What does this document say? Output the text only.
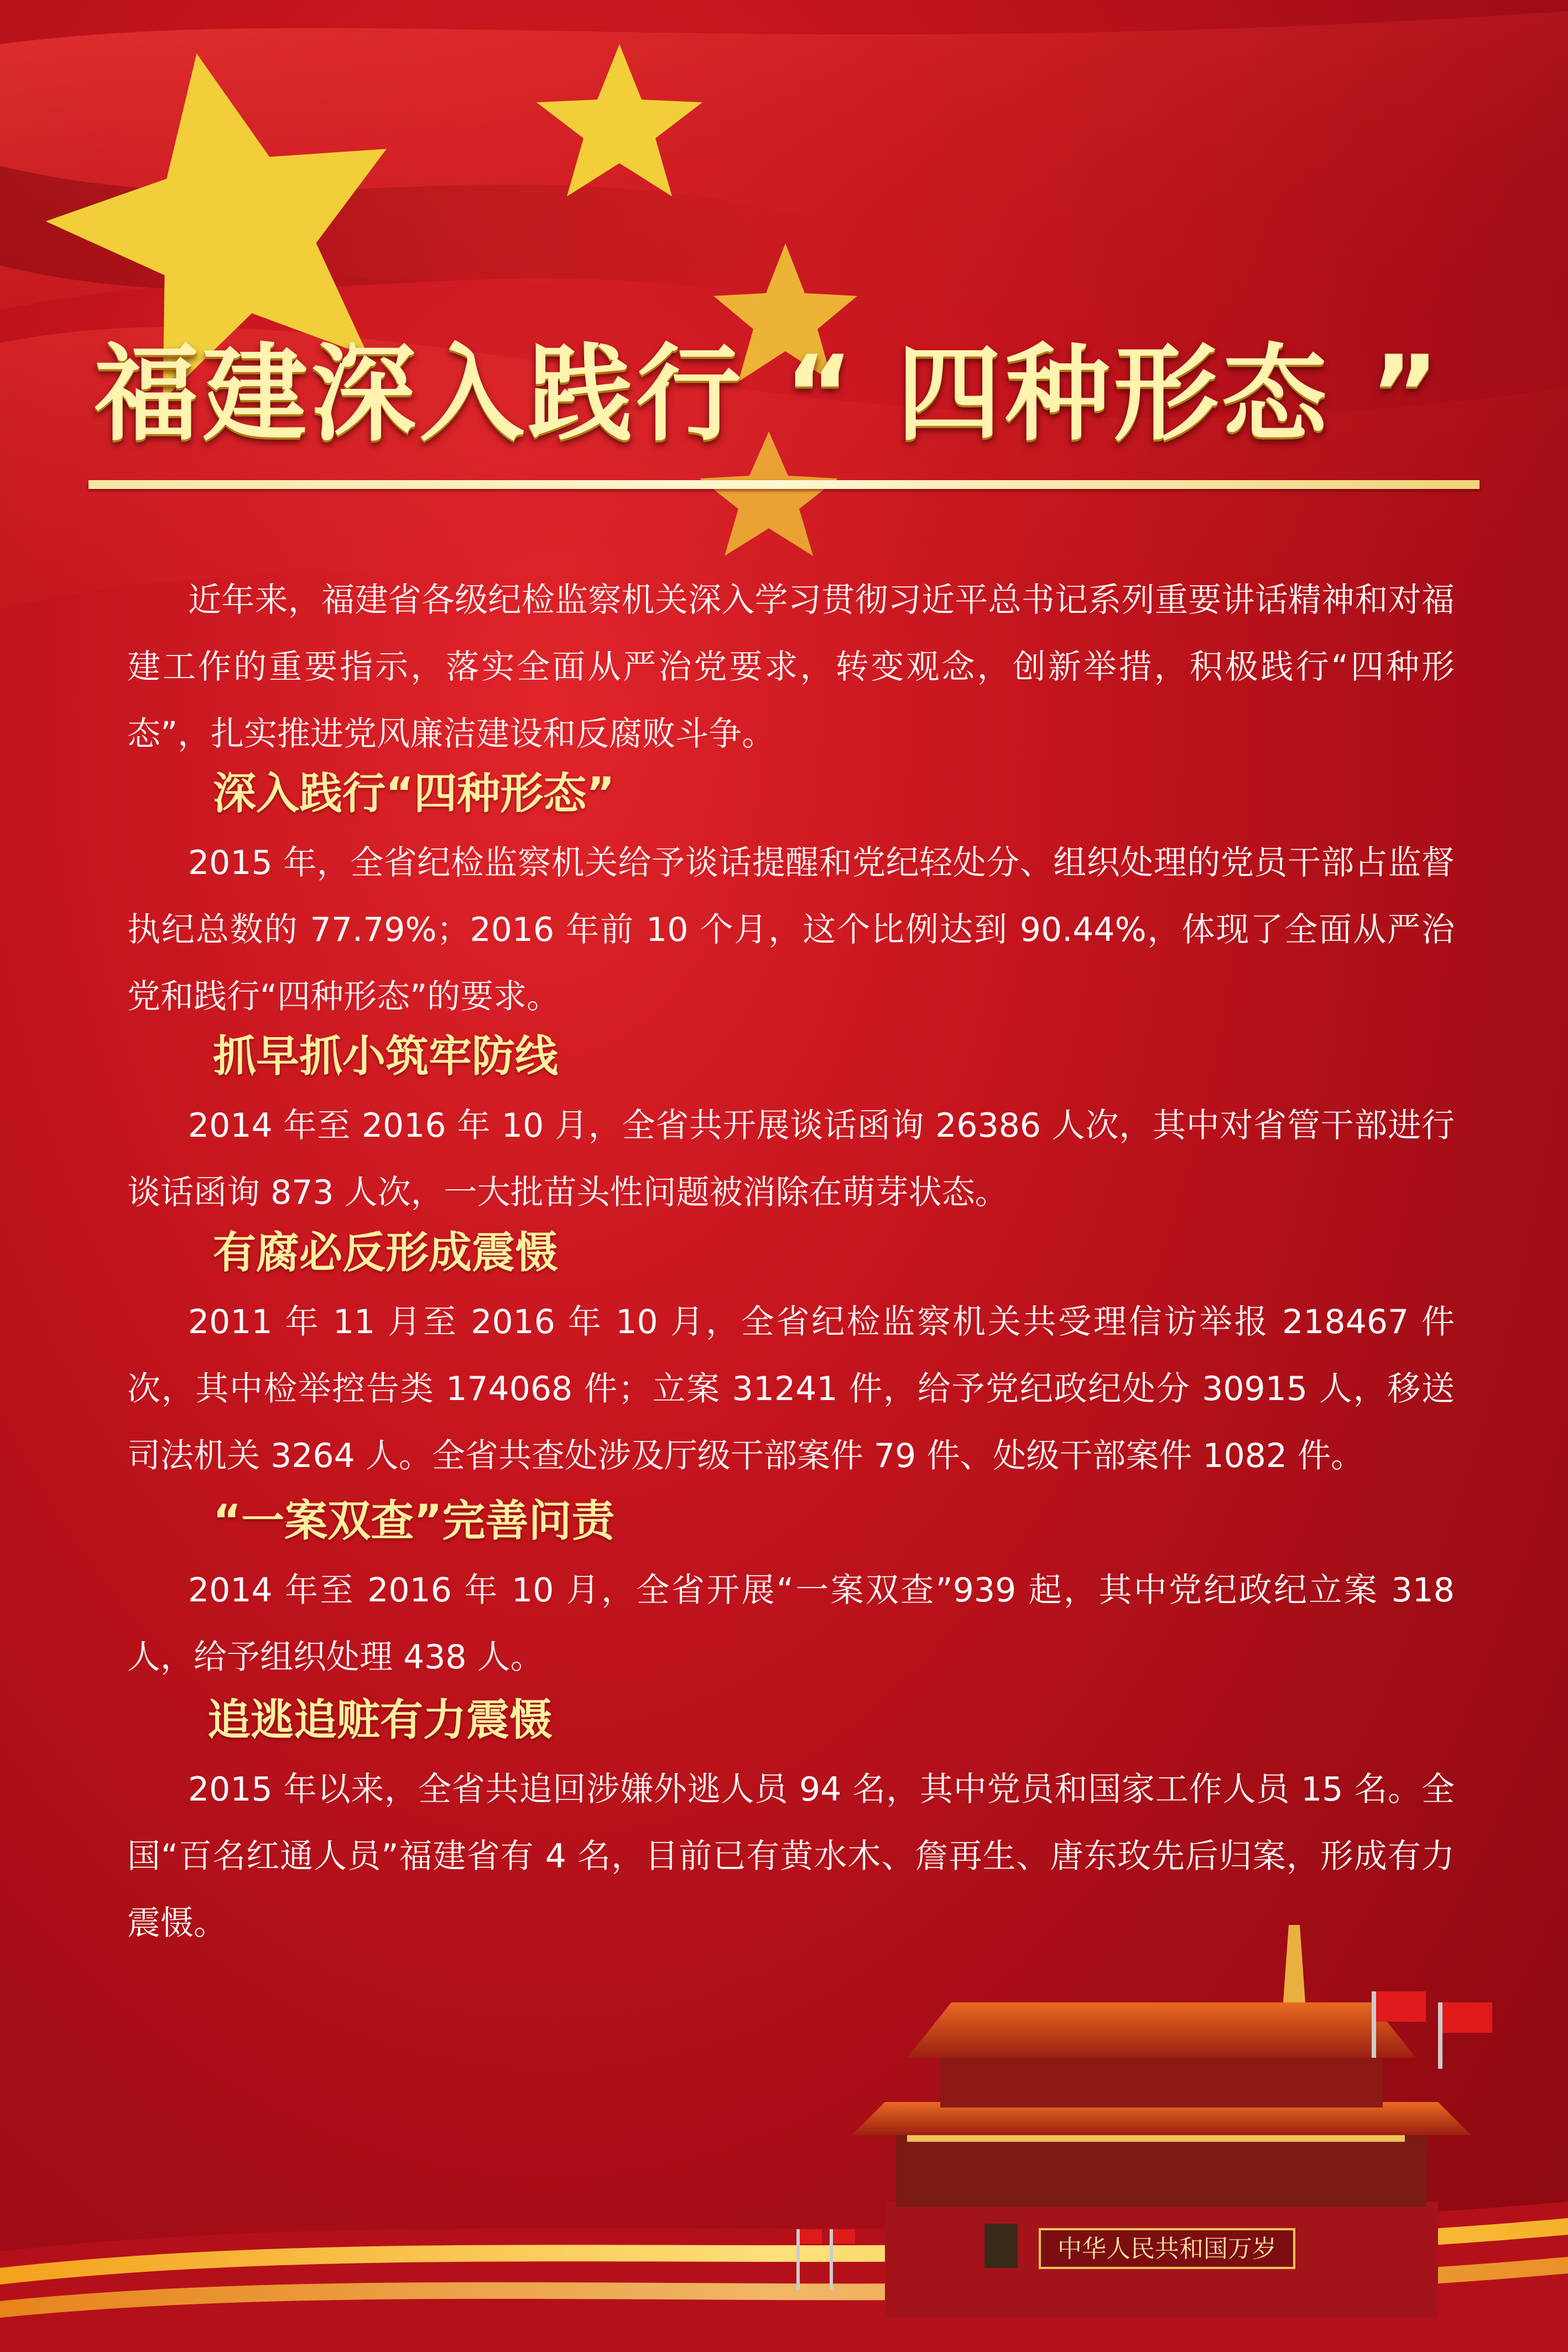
中华人民共和国万岁
福建深入践行 “ 四种形态 ”

近年来，福建省各级纪检监察机关深入学习贯彻习近平总书记系列重要讲话精神和对福建工作的重要指示，落实全面从严治党要求，转变观念，创新举措，积极践行“四种形态”，扎实推进党风廉洁建设和反腐败斗争。

深入践行“四种形态”

2015 年，全省纪检监察机关给予谈话提醒和党纪轻处分、组织处理的党员干部占监督执纪总数的 77.79%；2016 年前 10 个月，这个比例达到 90.44%，体现了全面从严治党和践行“四种形态”的要求。

抓早抓小筑牢防线

2014 年至 2016 年 10 月，全省共开展谈话函询 26386 人次，其中对省管干部进行谈话函询 873 人次，一大批苗头性问题被消除在萌芽状态。

有腐必反形成震慑

2011 年 11 月至 2016 年 10 月，全省纪检监察机关共受理信访举报 218467 件次，其中检举控告类 174068 件；立案 31241 件，给予党纪政纪处分 30915 人，移送司法机关 3264 人。全省共查处涉及厅级干部案件 79 件、处级干部案件 1082 件。

“一案双查”完善问责

2014 年至 2016 年 10 月，全省开展“一案双查”939 起，其中党纪政纪立案 318 人，给予组织处理 438 人。

追逃追赃有力震慑

2015 年以来，全省共追回涉嫌外逃人员 94 名，其中党员和国家工作人员 15 名。全国“百名红通人员”福建省有 4 名，目前已有黄水木、詹再生、唐东玫先后归案，形成有力震慑。
